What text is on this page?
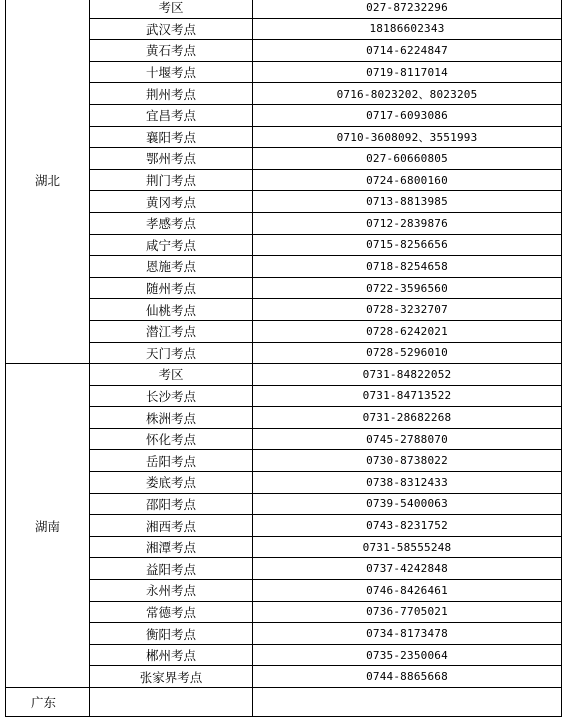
湖北	考区	027-87232296
	武汉考点	18186602343
	黄石考点	0714-6224847
	十堰考点	0719-8117014
	荆州考点	0716-8023202、8023205
	宜昌考点	0717-6093086
	襄阳考点	0710-3608092、3551993
	鄂州考点	027-60660805
	荆门考点	0724-6800160
	黄冈考点	0713-8813985
	孝感考点	0712-2839876
	咸宁考点	0715-8256656
	恩施考点	0718-8254658
	随州考点	0722-3596560
	仙桃考点	0728-3232707
	潜江考点	0728-6242021
	天门考点	0728-5296010
湖南	考区	0731-84822052
	长沙考点	0731-84713522
	株洲考点	0731-28682268
	怀化考点	0745-2788070
	岳阳考点	0730-8738022
	娄底考点	0738-8312433
	邵阳考点	0739-5400063
	湘西考点	0743-8231752
	湘潭考点	0731-58555248
	益阳考点	0737-4242848
	永州考点	0746-8426461
	常德考点	0736-7705021
	衡阳考点	0734-8173478
	郴州考点	0735-2350064
	张家界考点	0744-8865668
广东		
